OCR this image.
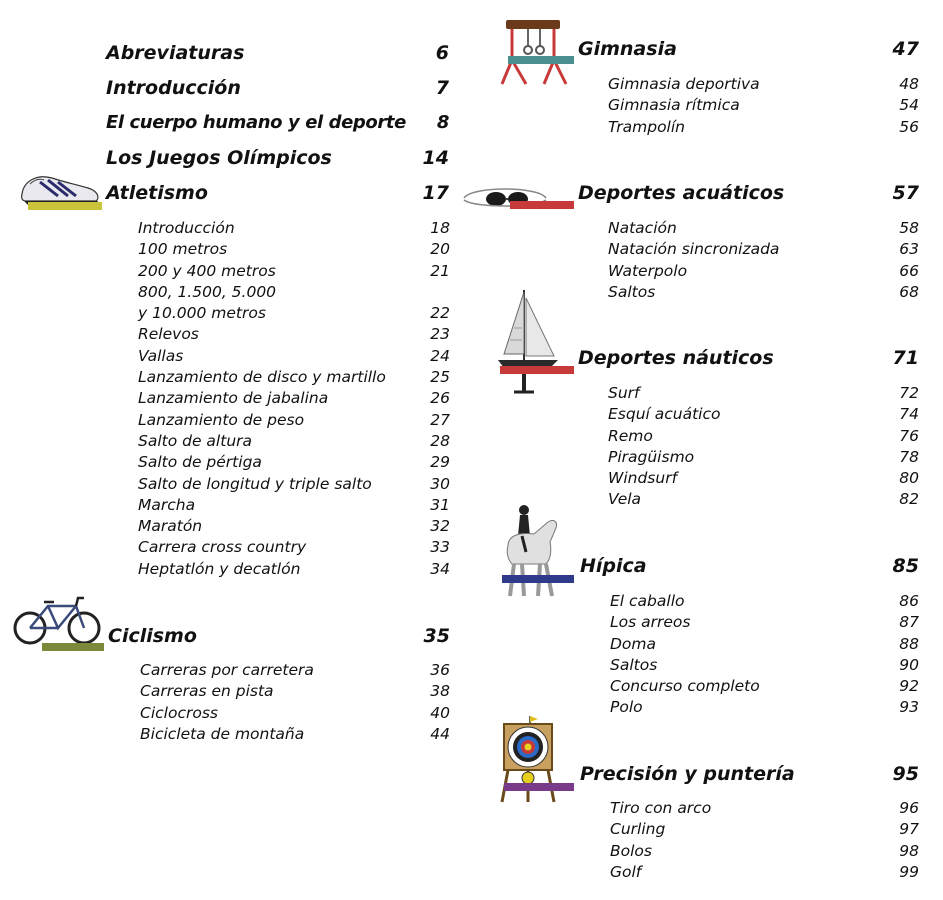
Abreviaturas	6
Introducción	7
El cuerpo humano y el deporte 8
Los Juegos Olímpicos	14
Atletismo	17
Introducción	18
100 metros	20
200 y 400 metros	21
800, 1.500, 5.000
y 10.000 metros	22
Relevos	23
Vallas	24
Lanzamiento de disco y martillo	25
Lanzamiento de jabalina	26
Lanzamiento de peso	27
Salto de altura	28
Salto de pértiga	29
Salto de longitud y triple salto	30
Marcha	31
Maratón	32
Carrera cross country	33
Heptatlón y decatlón	34
Ciclismo	35
Carreras por carretera	36
Carreras en pista	38
Ciclocross	40
Bicicleta de montaña	44
Gimnasia	47
Gimnasia deportiva	48
Gimnasia rítmica	54
Trampolín	56
Deportes acuáticos	57
Natación	58
Natación sincronizada	63
Waterpolo	66
Saltos	68
Deportes náuticos	71
Surf	72
Esquí acuático	74
Remo	76
Piragüismo	78
Windsurf	80
Vela	82
Hípica	85
El caballo	86
Los arreos	87
Doma	88
Saltos	90
Concurso completo	92
Polo	93
Precisión y puntería	95
Tiro con arco	96
Curling	97
Bolos	98
Golf	99
